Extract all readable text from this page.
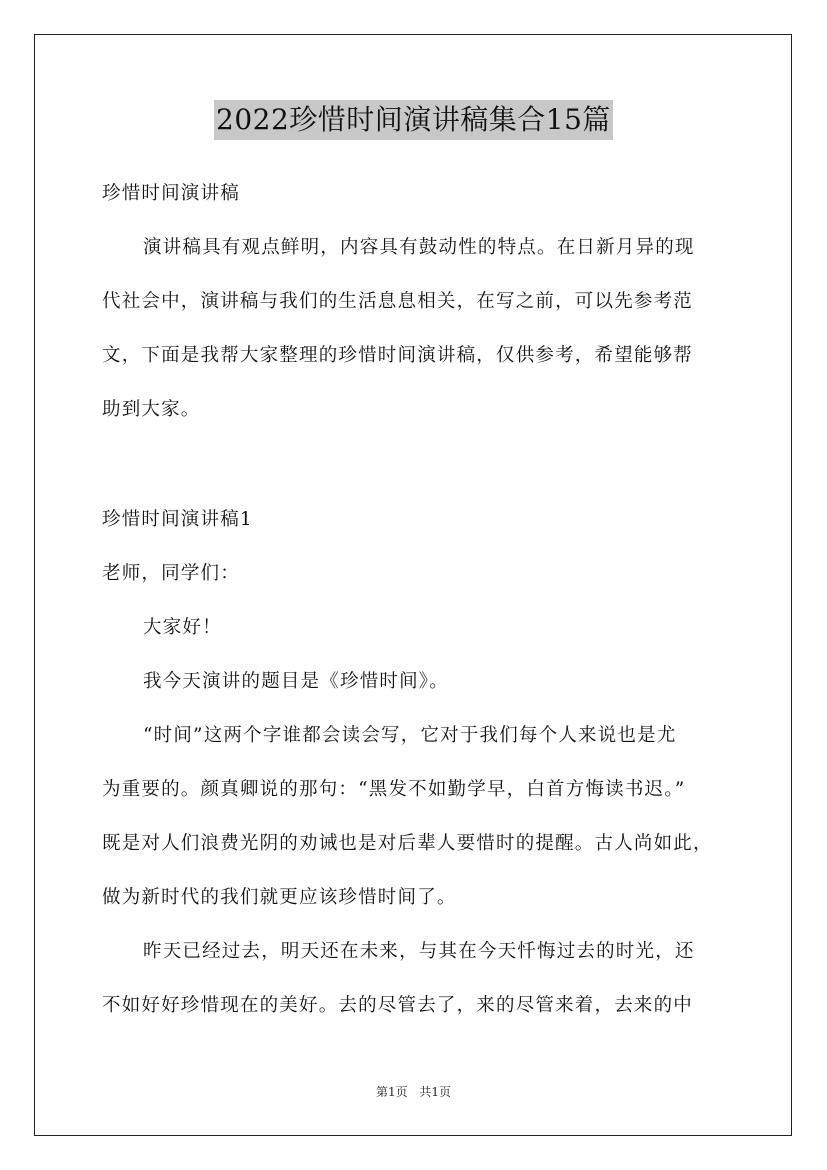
2022珍惜时间演讲稿集合15篇
珍惜时间演讲稿
演讲稿具有观点鲜明，内容具有鼓动性的特点。在日新月异的现
代社会中，演讲稿与我们的生活息息相关，在写之前，可以先参考范
文，下面是我帮大家整理的珍惜时间演讲稿，仅供参考，希望能够帮
助到大家。
珍惜时间演讲稿1
老师，同学们：
大家好！
我今天演讲的题目是《珍惜时间》。
“时间”这两个字谁都会读会写，它对于我们每个人来说也是尤
为重要的。颜真卿说的那句：“黑发不如勤学早，白首方悔读书迟。”
既是对人们浪费光阴的劝诫也是对后辈人要惜时的提醒。古人尚如此，
做为新时代的我们就更应该珍惜时间了。
昨天已经过去，明天还在未来，与其在今天忏悔过去的时光，还
不如好好珍惜现在的美好。去的尽管去了，来的尽管来着，去来的中
第1页 共1页
